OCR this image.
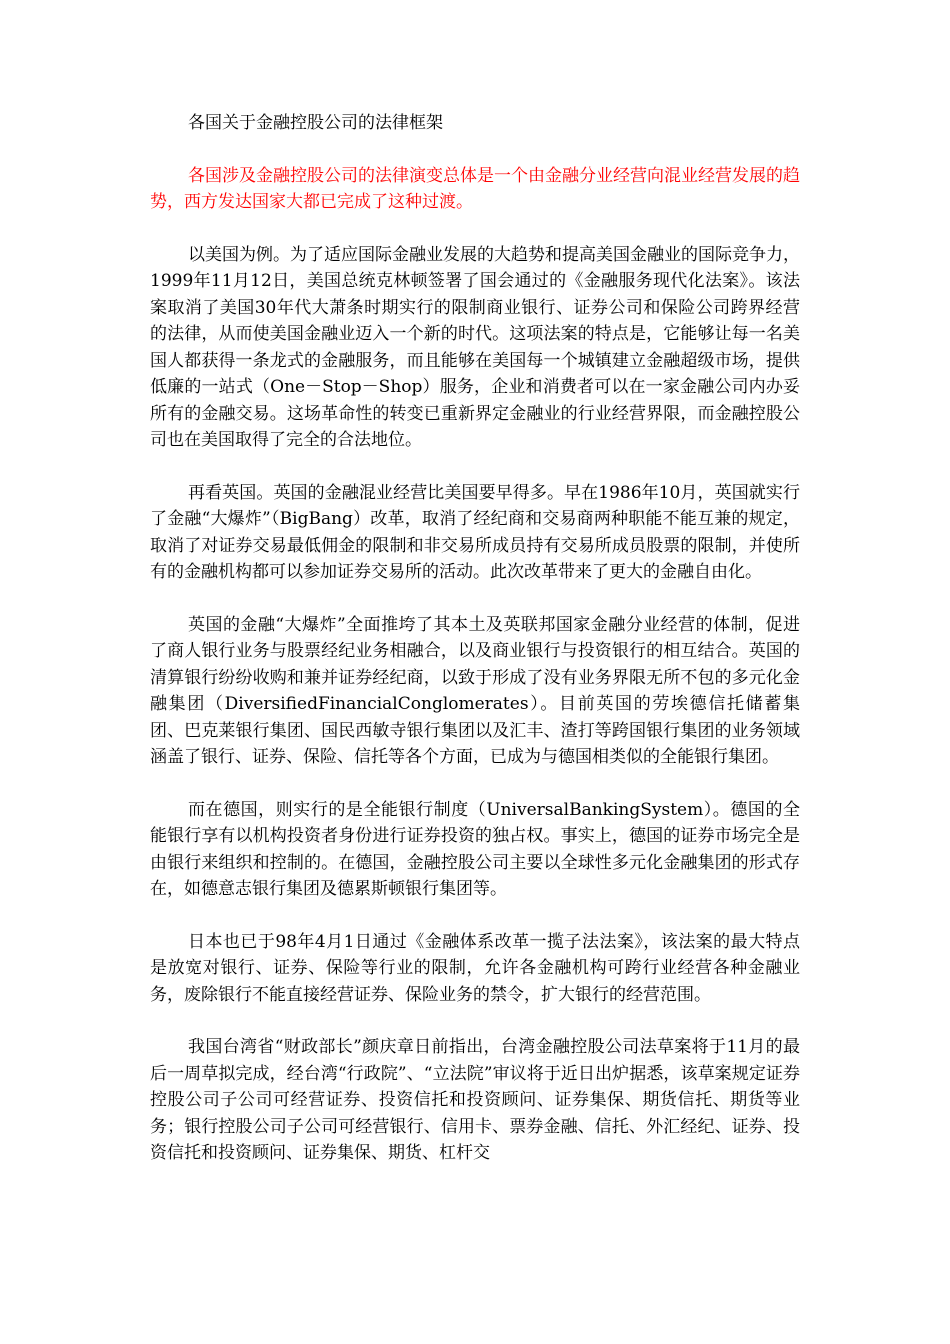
各国关于金融控股公司的法律框架

各国涉及金融控股公司的法律演变总体是一个由金融分业经营向混业经营发展的趋势，西方发达国家大都已完成了这种过渡。

以美国为例。为了适应国际金融业发展的大趋势和提高美国金融业的国际竞争力，1999年11月12日，美国总统克林顿签署了国会通过的《金融服务现代化法案》。该法案取消了美国30年代大萧条时期实行的限制商业银行、证券公司和保险公司跨界经营的法律，从而使美国金融业迈入一个新的时代。这项法案的特点是，它能够让每一名美国人都获得一条龙式的金融服务，而且能够在美国每一个城镇建立金融超级市场，提供低廉的一站式（One－Stop－Shop）服务，企业和消费者可以在一家金融公司内办妥所有的金融交易。这场革命性的转变已重新界定金融业的行业经营界限，而金融控股公司也在美国取得了完全的合法地位。

再看英国。英国的金融混业经营比美国要早得多。早在1986年10月，英国就实行了金融“大爆炸”（BigBang）改革，取消了经纪商和交易商两种职能不能互兼的规定，取消了对证券交易最低佣金的限制和非交易所成员持有交易所成员股票的限制，并使所有的金融机构都可以参加证券交易所的活动。此次改革带来了更大的金融自由化。

英国的金融“大爆炸”全面推垮了其本土及英联邦国家金融分业经营的体制，促进了商人银行业务与股票经纪业务相融合，以及商业银行与投资银行的相互结合。英国的清算银行纷纷收购和兼并证券经纪商，以致于形成了没有业务界限无所不包的多元化金融集团（DiversifiedFinancialConglomerates）。目前英国的劳埃德信托储蓄集团、巴克莱银行集团、国民西敏寺银行集团以及汇丰、渣打等跨国银行集团的业务领域涵盖了银行、证券、保险、信托等各个方面，已成为与德国相类似的全能银行集团。

而在德国，则实行的是全能银行制度（UniversalBankingSystem）。德国的全能银行享有以机构投资者身份进行证券投资的独占权。事实上，德国的证券市场完全是由银行来组织和控制的。在德国，金融控股公司主要以全球性多元化金融集团的形式存在，如德意志银行集团及德累斯顿银行集团等。

日本也已于98年4月1日通过《金融体系改革一揽子法法案》，该法案的最大特点是放宽对银行、证券、保险等行业的限制，允许各金融机构可跨行业经营各种金融业务，废除银行不能直接经营证券、保险业务的禁令，扩大银行的经营范围。

我国台湾省“财政部长”颜庆章日前指出，台湾金融控股公司法草案将于11月的最后一周草拟完成，经台湾“行政院”、“立法院”审议将于近日出炉据悉，该草案规定证券控股公司子公司可经营证券、投资信托和投资顾问、证券集保、期货信托、期货等业务；银行控股公司子公司可经营银行、信用卡、票券金融、信托、外汇经纪、证券、投资信托和投资顾问、证券集保、期货、杠杆交
